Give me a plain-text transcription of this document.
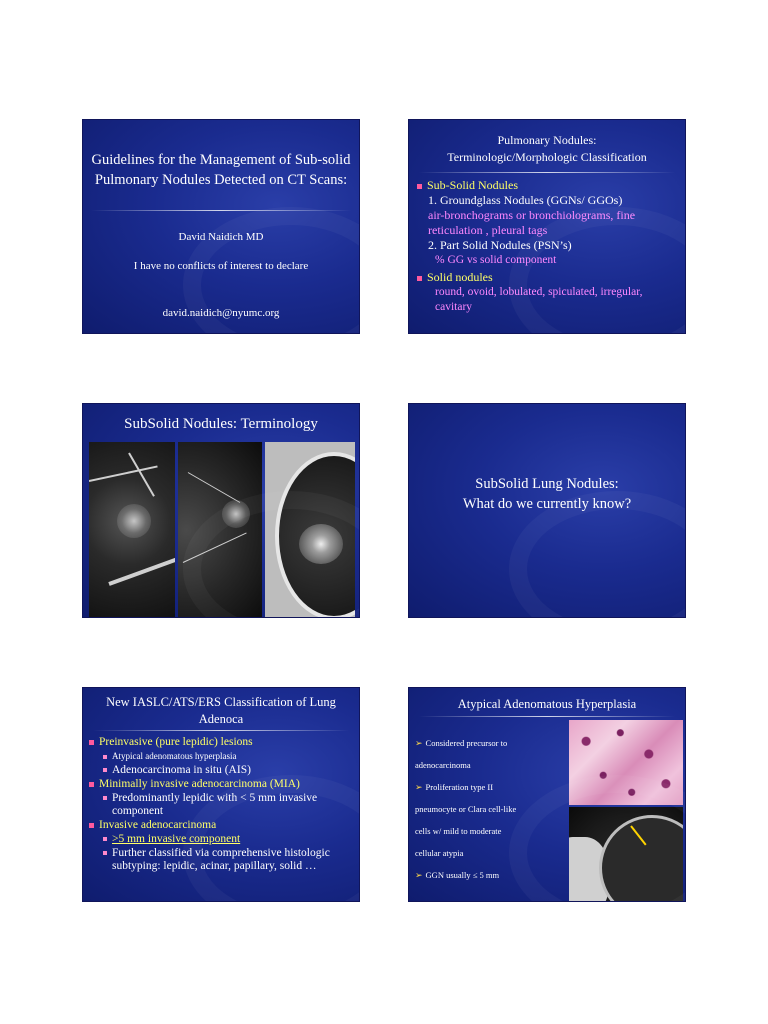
Guidelines for the Management of Sub-solid
Pulmonary Nodules Detected on CT Scans:
David Naidich MD
I have no conflicts of interest to declare
david.naidich@nyumc.org
Pulmonary Nodules:
Terminologic/Morphologic Classification
Sub-Solid Nodules
1. Groundglass Nodules (GGNs/ GGOs)
air-bronchograms or bronchiolograms, fine reticulation , pleural tags
2. Part Solid Nodules (PSN’s)
% GG vs solid component
Solid nodules
round, ovoid, lobulated, spiculated, irregular, cavitary
SubSolid Nodules: Terminology
SubSolid Lung Nodules:
What do we currently know?
New IASLC/ATS/ERS Classification of Lung
Adenoca
Preinvasive (pure lepidic) lesions
Atypical adenomatous hyperplasia
Adenocarcinoma in situ (AIS)
Minimally invasive adenocarcinoma (MIA)
Predominantly lepidic with < 5 mm invasive component
Invasive adenocarcinoma
>5 mm invasive component
Further classified via comprehensive histologic subtyping: lepidic, acinar, papillary, solid …
Atypical Adenomatous Hyperplasia
➢ Considered precursor to
adenocarcinoma
➢ Proliferation type II
pneumocyte or Clara cell-like
cells w/ mild to moderate
cellular atypia
➢ GGN usually ≤ 5 mm
